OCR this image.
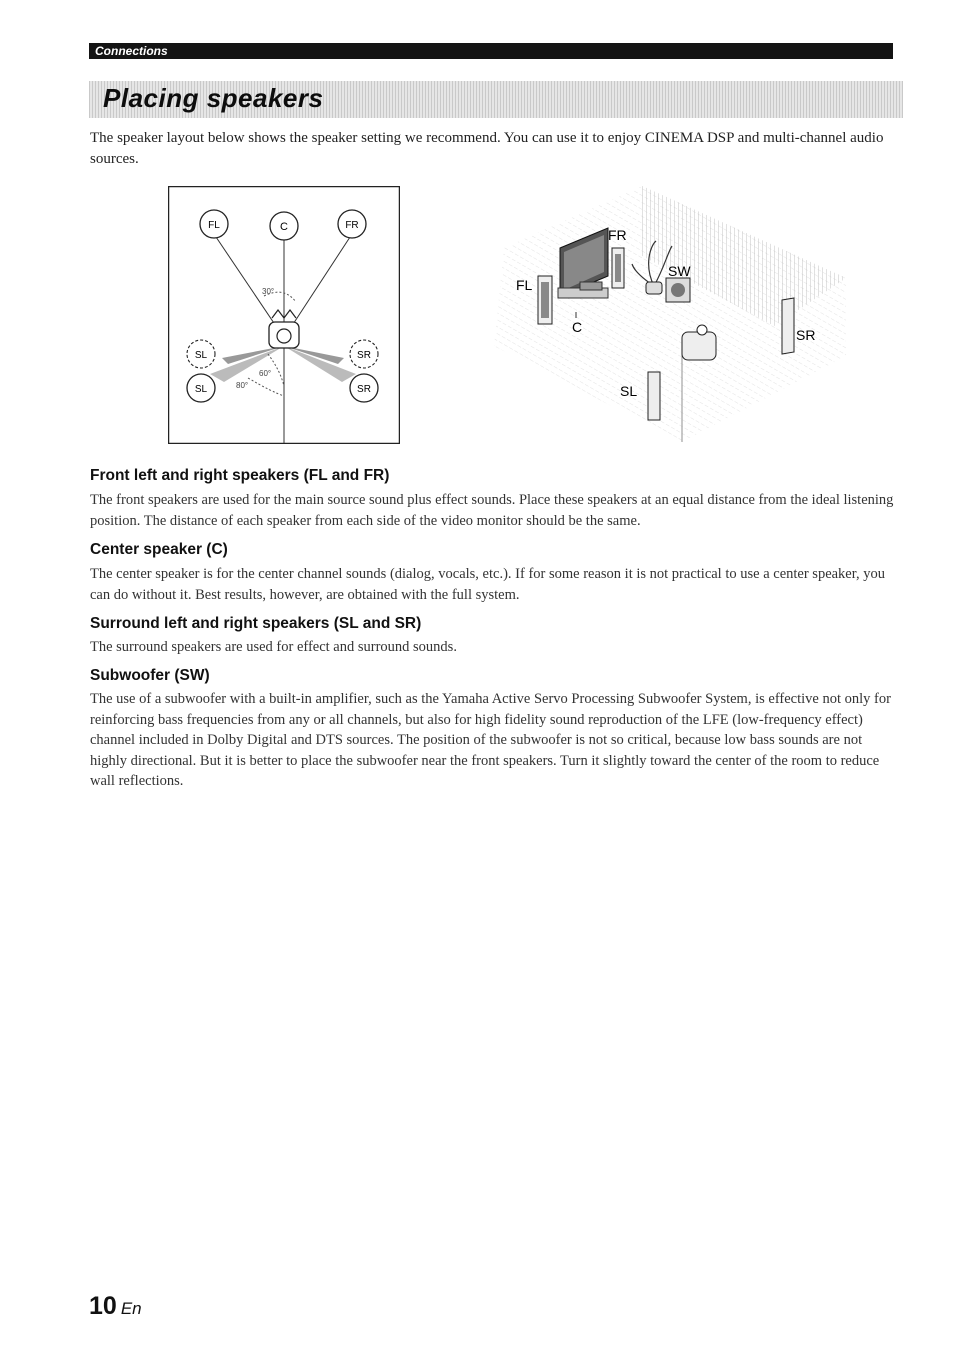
Connections
Placing speakers

The speaker layout below shows the speaker setting we recommend. You can use it to enjoy CINEMA DSP and multi-channel audio sources.

FL	C	FR
SL	SR
SL	SR
30°
60°
80°
FR
FL
SW
C	SR
SL
Front left and right speakers (FL and FR)

The front speakers are used for the main source sound plus effect sounds. Place these speakers at an equal distance from the ideal listening position. The distance of each speaker from each side of the video monitor should be the same.

Center speaker (C)

The center speaker is for the center channel sounds (dialog, vocals, etc.). If for some reason it is not practical to use a center speaker, you can do without it. Best results, however, are obtained with the full system.

Surround left and right speakers (SL and SR)

The surround speakers are used for effect and surround sounds.

Subwoofer (SW)

The use of a subwoofer with a built-in amplifier, such as the Yamaha Active Servo Processing Subwoofer System, is effective not only for reinforcing bass frequencies from any or all channels, but also for high fidelity sound reproduction of the LFE (low-frequency effect) channel included in Dolby Digital and DTS sources. The position of the subwoofer is not so critical, because low bass sounds are not highly directional. But it is better to place the subwoofer near the front speakers. Turn it slightly toward the center of the room to reduce wall reflections.

10 En
